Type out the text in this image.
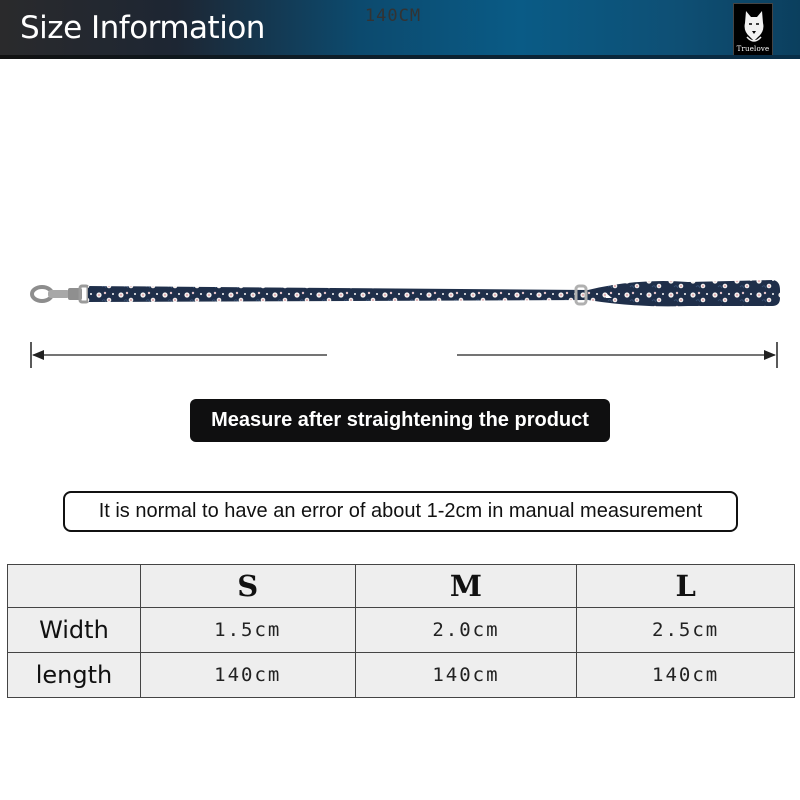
Size Information
Truelove
140CM
Measure after straightening the product
It is normal to have an error of about 1-2cm in manual measurement
	S	M	L
Width	1.5cm	2.0cm	2.5cm
length	140cm	140cm	140cm
